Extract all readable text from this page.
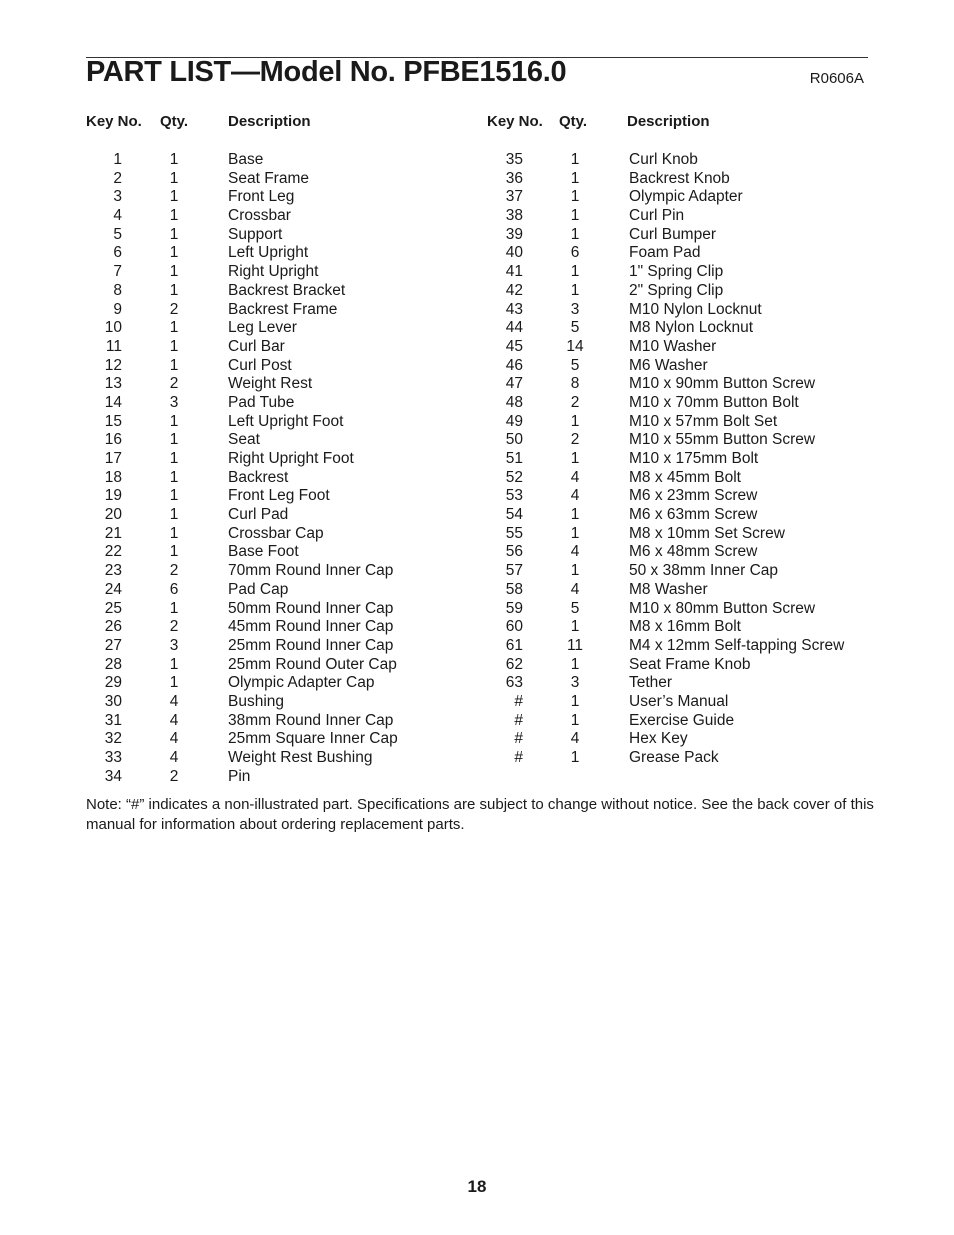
PART LIST—Model No. PFBE1516.0	R0606A
Key No. Qty.	Description	Key No. Qty.	Description
1	1	Base
2	1	Seat Frame
3	1	Front Leg
4	1	Crossbar
5	1	Support
6	1	Left Upright
7	1	Right Upright
8	1	Backrest Bracket
9	2	Backrest Frame
10	1	Leg Lever
11	1	Curl Bar
12	1	Curl Post
13	2	Weight Rest
14	3	Pad Tube
15	1	Left Upright Foot
16	1	Seat
17	1	Right Upright Foot
18	1	Backrest
19	1	Front Leg Foot
20	1	Curl Pad
21	1	Crossbar Cap
22	1	Base Foot
23	2	70mm Round Inner Cap
24	6	Pad Cap
25	1	50mm Round Inner Cap
26	2	45mm Round Inner Cap
27	3	25mm Round Inner Cap
28	1	25mm Round Outer Cap
29	1	Olympic Adapter Cap
30	4	Bushing
31	4	38mm Round Inner Cap
32	4	25mm Square Inner Cap
33	4	Weight Rest Bushing
34	2	Pin
35	1	Curl Knob
36	1	Backrest Knob
37	1	Olympic Adapter
38	1	Curl Pin
39	1	Curl Bumper
40	6	Foam Pad
41	1	1" Spring Clip
42	1	2" Spring Clip
43	3	M10 Nylon Locknut
44	5	M8 Nylon Locknut
45	14	M10 Washer
46	5	M6 Washer
47	8	M10 x 90mm Button Screw
48	2	M10 x 70mm Button Bolt
49	1	M10 x 57mm Bolt Set
50	2	M10 x 55mm Button Screw
51	1	M10 x 175mm Bolt
52	4	M8 x 45mm Bolt
53	4	M6 x 23mm Screw
54	1	M6 x 63mm Screw
55	1	M8 x 10mm Set Screw
56	4	M6 x 48mm Screw
57	1	50 x 38mm Inner Cap
58	4	M8 Washer
59	5	M10 x 80mm Button Screw
60	1	M8 x 16mm Bolt
61	11	M4 x 12mm Self-tapping Screw
62	1	Seat Frame Knob
63	3	Tether
#	1	User’s Manual
#	1	Exercise Guide
#	4	Hex Key
#	1	Grease Pack

Note: “#” indicates a non-illustrated part. Specifications are subject to change without notice. See the back cover of this manual for information about ordering replacement parts.

18
